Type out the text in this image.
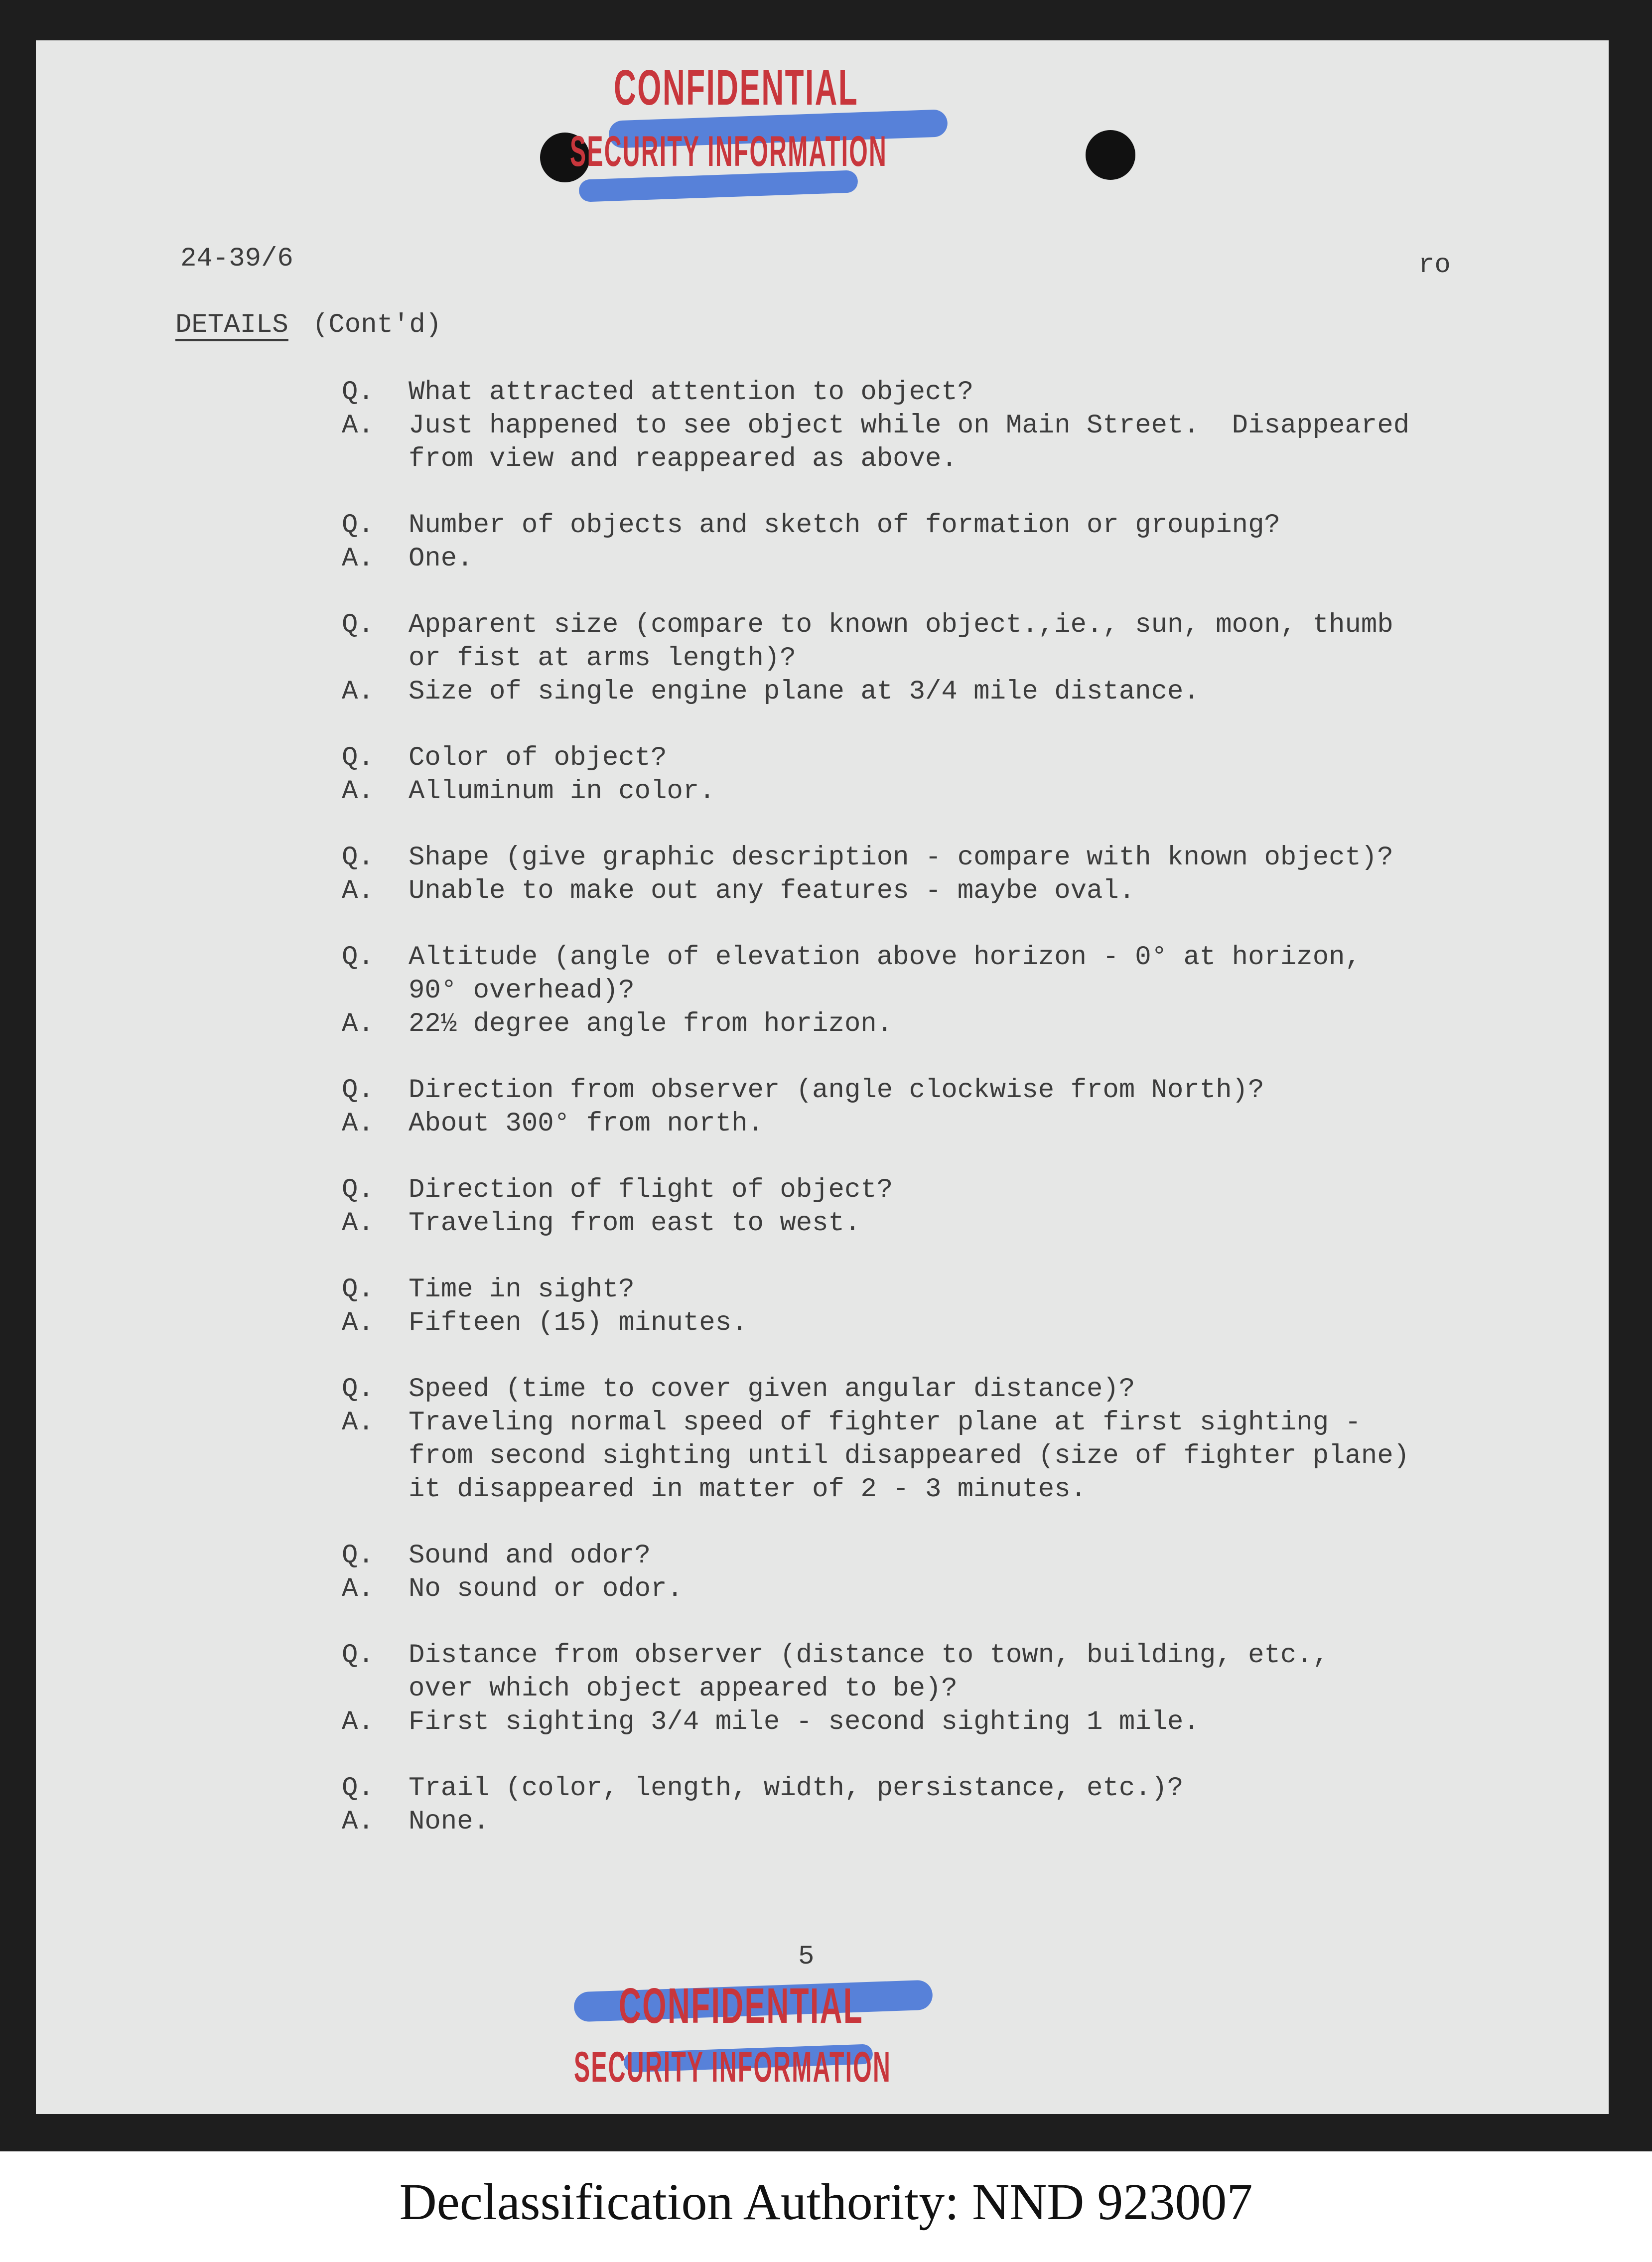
CONFIDENTIAL
SECURITY INFORMATION
24-39/6	ro
DETAILS (Cont'd)
Q. What attracted attention to object?
A. Just happened to see object while on Main Street.  Disappeared
from view and reappeared as above.
Q. Number of objects and sketch of formation or grouping?
A. One.
Q. Apparent size (compare to known object.,ie., sun, moon, thumb
or fist at arms length)?
A. Size of single engine plane at 3/4 mile distance.
Q. Color of object?
A. Alluminum in color.
Q. Shape (give graphic description - compare with known object)?
A. Unable to make out any features - maybe oval.
Q. Altitude (angle of elevation above horizon - 0° at horizon,
90° overhead)?
A. 22½ degree angle from horizon.
Q. Direction from observer (angle clockwise from North)?
A. About 300° from north.
Q. Direction of flight of object?
A. Traveling from east to west.
Q. Time in sight?
A. Fifteen (15) minutes.
Q. Speed (time to cover given angular distance)?
A. Traveling normal speed of fighter plane at first sighting -
from second sighting until disappeared (size of fighter plane)
it disappeared in matter of 2 - 3 minutes.
Q. Sound and odor?
A. No sound or odor.
Q. Distance from observer (distance to town, building, etc.,
over which object appeared to be)?
A. First sighting 3/4 mile - second sighting 1 mile.
Q. Trail (color, length, width, persistance, etc.)?
A. None.
5
CONFIDENTIAL
SECURITY INFORMATION
Declassification Authority: NND 923007
